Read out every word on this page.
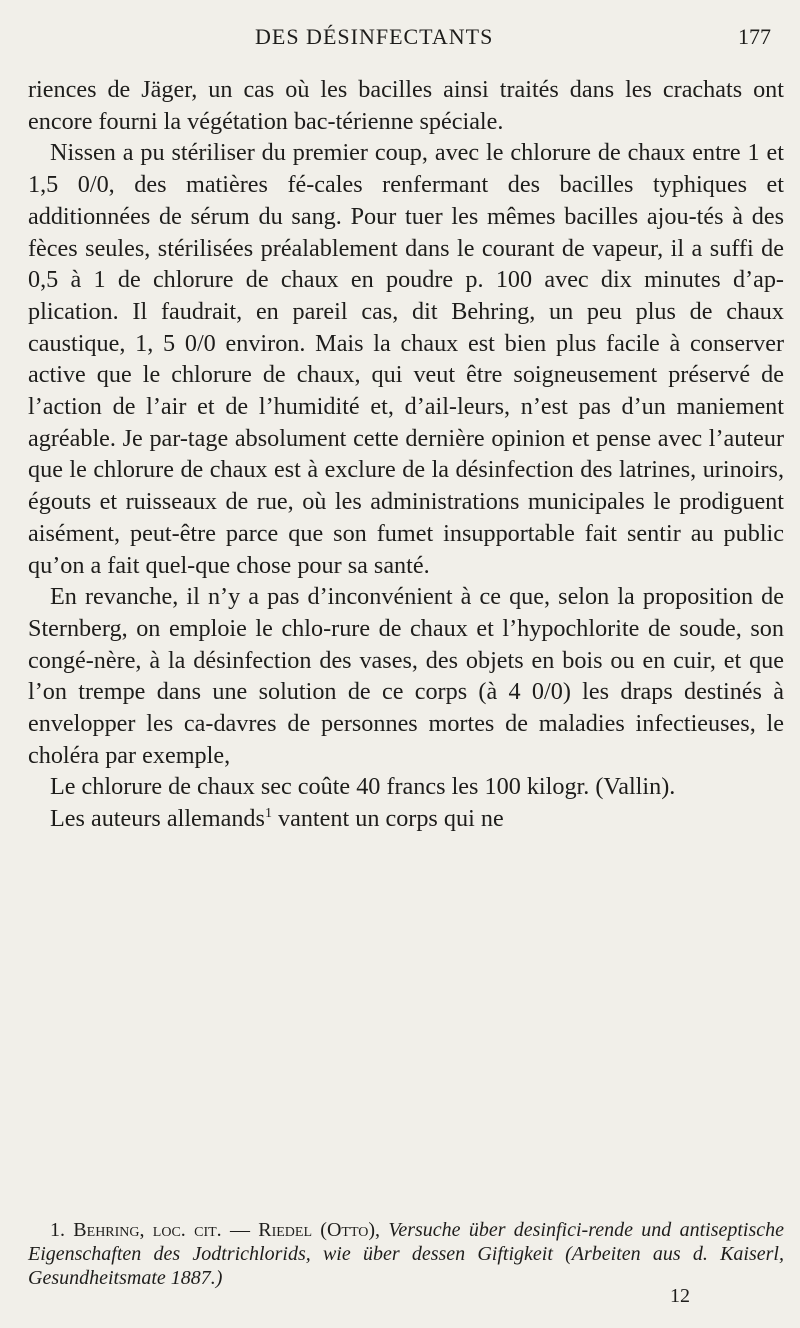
DES DÉSINFECTANTS	177

riences de Jäger, un cas où les bacilles ainsi traités dans les crachats ont encore fourni la végétation bac-térienne spéciale.

Nissen a pu stériliser du premier coup, avec le chlorure de chaux entre 1 et 1,5 0/0, des matières fé-cales renfermant des bacilles typhiques et additionnées de sérum du sang. Pour tuer les mêmes bacilles ajou-tés à des fèces seules, stérilisées préalablement dans le courant de vapeur, il a suffi de 0,5 à 1 de chlorure de chaux en poudre p. 100 avec dix minutes d’ap-plication. Il faudrait, en pareil cas, dit Behring, un peu plus de chaux caustique, 1, 5 0/0 environ. Mais la chaux est bien plus facile à conserver active que le chlorure de chaux, qui veut être soigneusement préservé de l’action de l’air et de l’humidité et, d’ail-leurs, n’est pas d’un maniement agréable. Je par-tage absolument cette dernière opinion et pense avec l’auteur que le chlorure de chaux est à exclure de la désinfection des latrines, urinoirs, égouts et ruisseaux de rue, où les administrations municipales le prodiguent aisément, peut-être parce que son fumet insupportable fait sentir au public qu’on a fait quel-que chose pour sa santé.

En revanche, il n’y a pas d’inconvénient à ce que, selon la proposition de Sternberg, on emploie le chlo-rure de chaux et l’hypochlorite de soude, son congé-nère, à la désinfection des vases, des objets en bois ou en cuir, et que l’on trempe dans une solution de ce corps (à 4 0/0) les draps destinés à envelopper les ca-davres de personnes mortes de maladies infectieuses, le choléra par exemple,

Le chlorure de chaux sec coûte 40 francs les 100 kilogr. (Vallin).

Les auteurs allemands$^1$ vantent un corps qui ne

1. Behring, loc. cit. — Riedel (Otto), Versuche über desinfici-rende und antiseptische Eigenschaften des Jodtrichlorids, wie über dessen Giftigkeit (Arbeiten aus d. Kaiserl, Gesundheitsmate 1887.)

12
